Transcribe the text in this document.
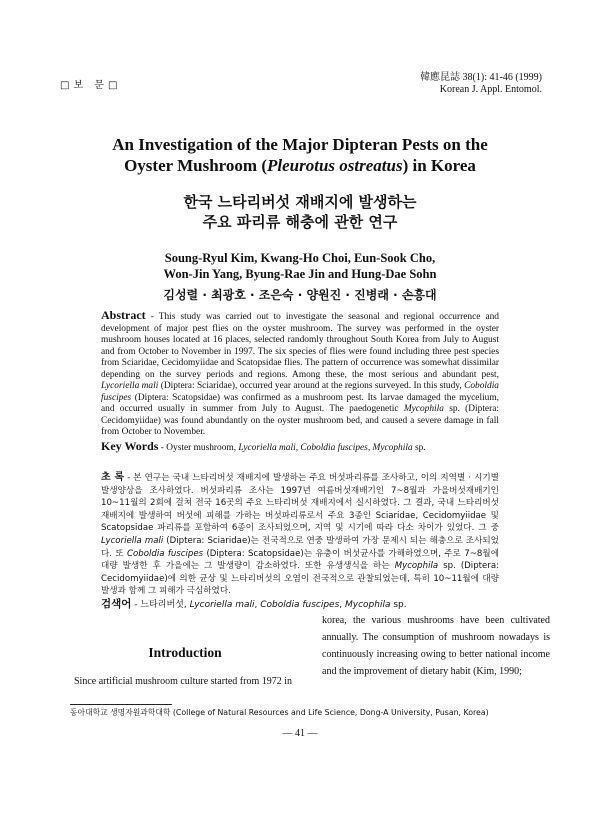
□보 문□
韓應昆誌 38(1): 41-46 (1999)
Korean J. Appl. Entomol.
An Investigation of the Major Dipteran Pests on the
Oyster Mushroom (Pleurotus ostreatus) in Korea
한국 느타리버섯 재배지에 발생하는
주요 파리류 해충에 관한 연구
Soung-Ryul Kim, Kwang-Ho Choi, Eun-Sook Cho,
Won-Jin Yang, Byung-Rae Jin and Hung-Dae Sohn
김성렬 · 최광호 · 조은숙 · 양원진 · 진병래 · 손흥대
Abstract - This study was carried out to investigate the seasonal and regional occurrence and development of major pest flies on the oyster mushroom. The survey was performed in the oyster mushroom houses located at 16 places, selected randomly throughout South Korea from July to August and from October to November in 1997. The six species of flies were found including three pest species from Sciaridae, Cecidomyiidae and Scatopsidae flies. The pattern of occurrence was somewhat dissimilar depending on the survey periods and regions. Among these, the most serious and abundant pest, Lycoriella mali (Diptera: Sciaridae), occurred year around at the regions surveyed. In this study, Coboldia fuscipes (Diptera: Scatopsidae) was confirmed as a mushroom pest. Its larvae damaged the mycelium, and occurred usually in summer from July to August. The paedogenetic Mycophila sp. (Diptera: Cecidomyiidae) was found abundantly on the oyster mushroom bed, and caused a severe damage in fall from October to November.
Key Words - Oyster mushroom, Lycoriella mali, Coboldia fuscipes, Mycophila sp.
초 록 - 본 연구는 국내 느타리버섯 재배지에 발생하는 주요 버섯파리류를 조사하고, 이의 지역별 · 시기별 발생양상을 조사하였다. 버섯파리류 조사는 1997년 여름버섯재배기인 7~8월과 가을버섯재배기인 10~11월의 2회에 걸쳐 전국 16곳의 주요 느타리버섯 재배지에서 실시하였다. 그 결과, 국내 느타리버섯 재배지에 발생하여 버섯에 피해를 가하는 버섯파리류로서 주요 3종인 Sciaridae, Cecidomyiidae 및 Scatopsidae 파리류를 포함하여 6종이 조사되었으며, 지역 및 시기에 따라 다소 차이가 있었다. 그 중 Lycoriella mali (Diptera: Sciaridae)는 전국적으로 연중 발생하여 가장 문제시 되는 해충으로 조사되었다. 또 Coboldia fuscipes (Diptera: Scatopsidae)는 유충이 버섯균사를 가해하였으며, 주로 7~8월에 대량 발생한 후 가을에는 그 발생량이 감소하였다. 또한 유생생식을 하는 Mycophila sp. (Diptera: Cecidomyiidae)에 의한 균상 및 느타리버섯의 오염이 전국적으로 관찰되었는데, 특히 10~11월에 대량발생과 함께 그 피해가 극심하였다.
검색어 - 느타리버섯, Lycoriella mali, Coboldia fuscipes, Mycophila sp.
Introduction
Since artificial mushroom culture started from 1972 in
korea, the various mushrooms have been cultivated annually. The consumption of mushroom nowadays is continuously increasing owing to better national income and the improvement of dietary habit (Kim, 1990;
동아대학교 생명자원과학대학 (College of Natural Resources and Life Science, Dong-A University, Pusan, Korea)
— 41 —
